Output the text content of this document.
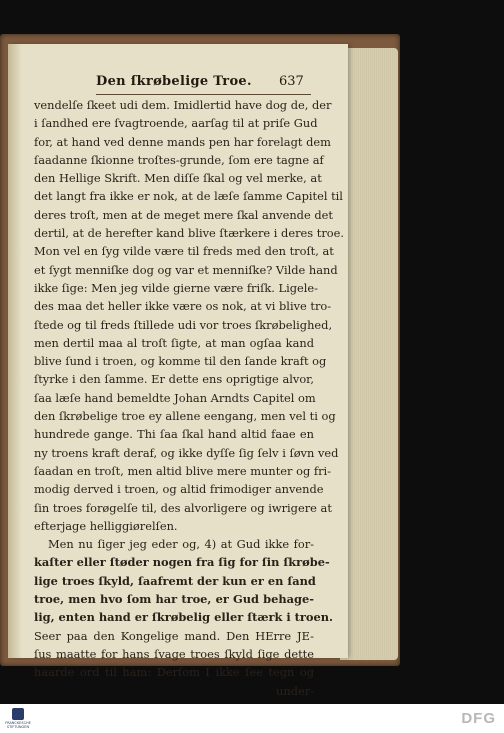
Den ſkrøbelige Troe. 637
vendelſe ſkeet udi dem. Imidlertid have dog de, der
i ſandhed ere ſvagtroende, aarſag til at priſe Gud
for, at hand ved denne mands pen har forelagt dem
ſaadanne ſkionne troſtes-grunde, ſom ere tagne af
den Hellige Skrift. Men diſſe ſkal og vel merke, at
det langt fra ikke er nok, at de læſe ſamme Capitel til
deres troſt, men at de meget mere ſkal anvende det
dertil, at de herefter kand blive ſtærkere i deres troe.
Mon vel en ſyg vilde være til freds med den troſt, at
et ſygt menniſke dog og var et menniſke? Vilde hand
ikke ſige: Men jeg vilde gierne være friſk. Ligele-
des maa det heller ikke være os nok, at vi blive tro-
ſtede og til freds ſtillede udi vor troes ſkrøbelighed,
men dertil maa al troſt ſigte, at man ogſaa kand
blive ſund i troen, og komme til den ſande kraft og
ſtyrke i den ſamme. Er dette ens oprigtige alvor,
ſaa læſe hand bemeldte Johan Arndts Capitel om
den ſkrøbelige troe ey allene eengang, men vel ti og
hundrede gange. Thi ſaa ſkal hand altid faae en
ny troens kraft deraf, og ikke dyſſe ſig ſelv i ſøvn ved
ſaadan en troſt, men altid blive mere munter og fri-
modig derved i troen, og altid frimodiger anvende
ſin troes forøgelſe til, des alvorligere og iwrigere at
efterjage helliggiørelſen.
Men nu ſiger jeg eder og, 4) at Gud ikke for-
kaſter eller ſtøder nogen fra ſig for ſin ſkrøbe-
lige troes ſkyld, ſaafremt der kun er en ſand
troe, men hvo ſom har troe, er Gud behage-
lig, enten hand er ſkrøbelig eller ſtærk i troen.
Seer paa den Kongelige mand. Den HErre JE-
ſus maatte for hans ſvage troes ſkyld ſige dette
haarde ord til ham: Derſom I ikke ſee tegn og
under-
FRANCKESCHE STIFTUNGEN	DFG
